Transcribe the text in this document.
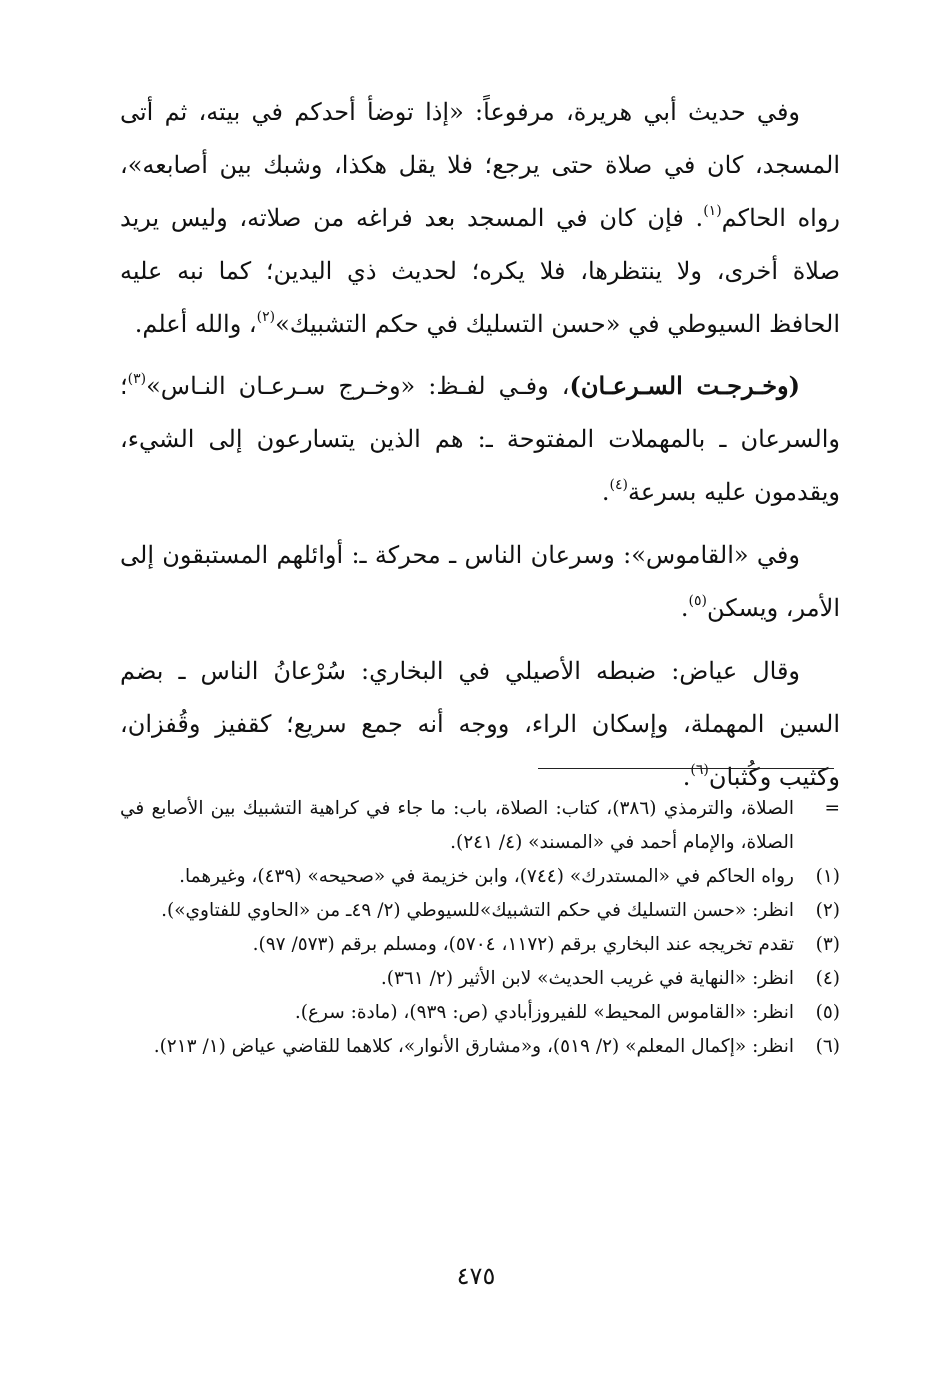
وفي حديث أبي هريرة، مرفوعاً: «إذا توضأ أحدكم في بيته، ثم أتى المسجد، كان في صلاة حتى يرجع؛ فلا يقل هكذا، وشبك بين أصابعه»، رواه الحاكم$^{(١)}$. فإن كان في المسجد بعد فراغه من صلاته، وليس يريد صلاة أخرى، ولا ينتظرها، فلا يكره؛ لحديث ذي اليدين؛ كما نبه عليه الحافظ السيوطي في «حسن التسليك في حكم التشبيك»$^{(٢)}$، والله أعلم.

(وخـرجـت السـرعـان)، وفـي لفـظ: «وخـرج سـرعـان النـاس»$^{(٣)}$؛ والسرعان ـ بالمهملات المفتوحة ـ: هم الذين يتسارعون إلى الشيء، ويقدمون عليه بسرعة$^{(٤)}$.

وفي «القاموس»: وسرعان الناس ـ محركة ـ: أوائلهم المستبقون إلى الأمر، ويسكن$^{(٥)}$.

وقال عياض: ضبطه الأصيلي في البخاري: سُرْعانُ الناس ـ بضم السين المهملة، وإسكان الراء، ووجه أنه جمع سريع؛ كقفيز وقُفزان، وكثيب وكُثبان$^{(٦)}$.

=
الصلاة، والترمذي (٣٨٦)، كتاب: الصلاة، باب: ما جاء في كراهية التشبيك بين الأصابع في الصلاة، والإمام أحمد في «المسند» (٤/ ٢٤١).
(١)
رواه الحاكم في «المستدرك» (٧٤٤)، وابن خزيمة في «صحيحه» (٤٣٩)، وغيرهما.
(٢)
انظر: «حسن التسليك في حكم التشبيك»للسيوطي (٢/ ٤٩ـ من «الحاوي للفتاوي»).
(٣)
تقدم تخريجه عند البخاري برقم (١١٧٢، ٥٧٠٤)، ومسلم برقم (٥٧٣/ ٩٧).
(٤)
انظر: «النهاية في غريب الحديث» لابن الأثير (٢/ ٣٦١).
(٥)
انظر: «القاموس المحيط» للفيروزأبادي (ص: ٩٣٩)، (مادة: سرع).
(٦)
انظر: «إكمال المعلم» (٢/ ٥١٩)، و«مشارق الأنوار»، كلاهما للقاضي عياض (١/ ٢١٣).
٤٧٥
